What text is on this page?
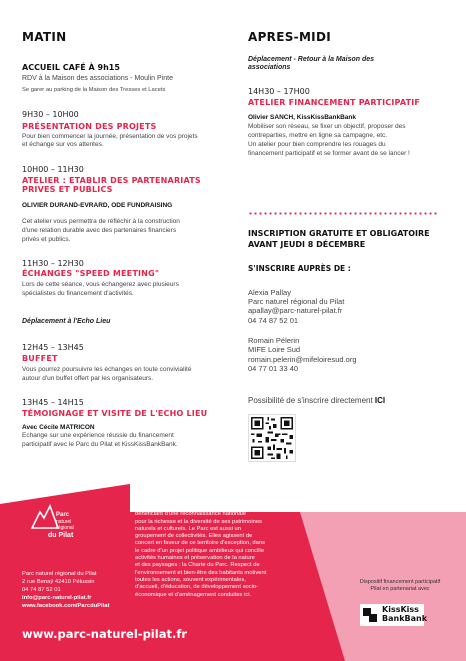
MATIN
ACCUEIL CAFÉ À 9h15
RDV à la Maison des associations - Moulin Pinte
Se garer au parking de la Maison des Tresses et Lacets
9H30 – 10H00
PRÉSENTATION DES PROJETS
Pour bien commencer la journée, présentation de vos projets
et échange sur vos attentes.
10H00 – 11H30
ATELIER : ETABLIR DES PARTENARIATS
PRIVES ET PUBLICS
OLIVIER DURAND-EVRARD, ODE FUNDRAISING
Cet atelier vous permettra de réfléchir à la construction
d'une relation durable avec des partenaires financiers
privés et publics.
11H30 – 12H30
ÉCHANGES "SPEED MEETING"
Lors de cette séance, vous échangerez avec plusieurs
spécialistes du financement d'activités.
Déplacement à l'Echo Lieu
12H45 – 13H45
BUFFET
Vous pourrez poursuivre les échanges en toute convivialité
autour d'un buffet offert par les organisateurs.
13H45 – 14H15
TÉMOIGNAGE ET VISITE DE L'ECHO LIEU
Avec Cécile MATRICON
Echange sur une expérience réussie du financement
participatif avec le Parc du Pilat et KissKissBankBank.
APRES-MIDI
Déplacement - Retour à la Maison des
associations
14H30 – 17H00
ATELIER FINANCEMENT PARTICIPATIF
Olivier SANCH, KissKissBankBank
Mobiliser son réseau, se fixer un objectif, proposer des
contreparties, mettre en ligne sa campagne, etc.
Un atelier pour bien comprendre les rouages du
financement participatif et se former avant de se lancer !
INSCRIPTION GRATUITE ET OBLIGATOIRE
AVANT JEUDI 8 DÉCEMBRE
S'INSCRIRE AUPRÈS DE :
Alexia Pallay
Parc naturel régional du Pilat
apallay@parc-naturel-pilat.fr
04 74 87 52 01
Romain Pélerin
MIFE Loire Sud
romain.pelerin@mifeloiresud.org
04 77 01 33 40
Possibilité de s'inscrire directement ICI
Parc
naturel
régional
du Pilat
Parc naturel régional du Pilat
2 rue Benaÿ 42410 Pélussin
04 74 87 52 01
info@parc-naturel-pilat.fr
www.facebook.com/ParcduPilat
Le Parc naturel régional du Pilat est un territoire
bénéficiant d'une reconnaissance nationale
pour la richesse et la diversité de ses patrimoines
naturels et culturels. Le Parc est aussi un
groupement de collectivités. Elles agissent de
concert en faveur de ce territoire d'exception, dans
le cadre d'un projet politique ambitieux qui concilie
activités humaines et préservation de la nature
et des paysages : la Charte du Parc. Respect de
l'environnement et bien-être des habitants motivent
toutes les actions, souvent expérimentales,
d'accueil, d'éducation, de développement socio-
économique et d'aménagement conduites ici.
Dispositif financement participatif
Pilat en partenariat avec
KissKiss
BankBank
www.parc-naturel-pilat.fr
